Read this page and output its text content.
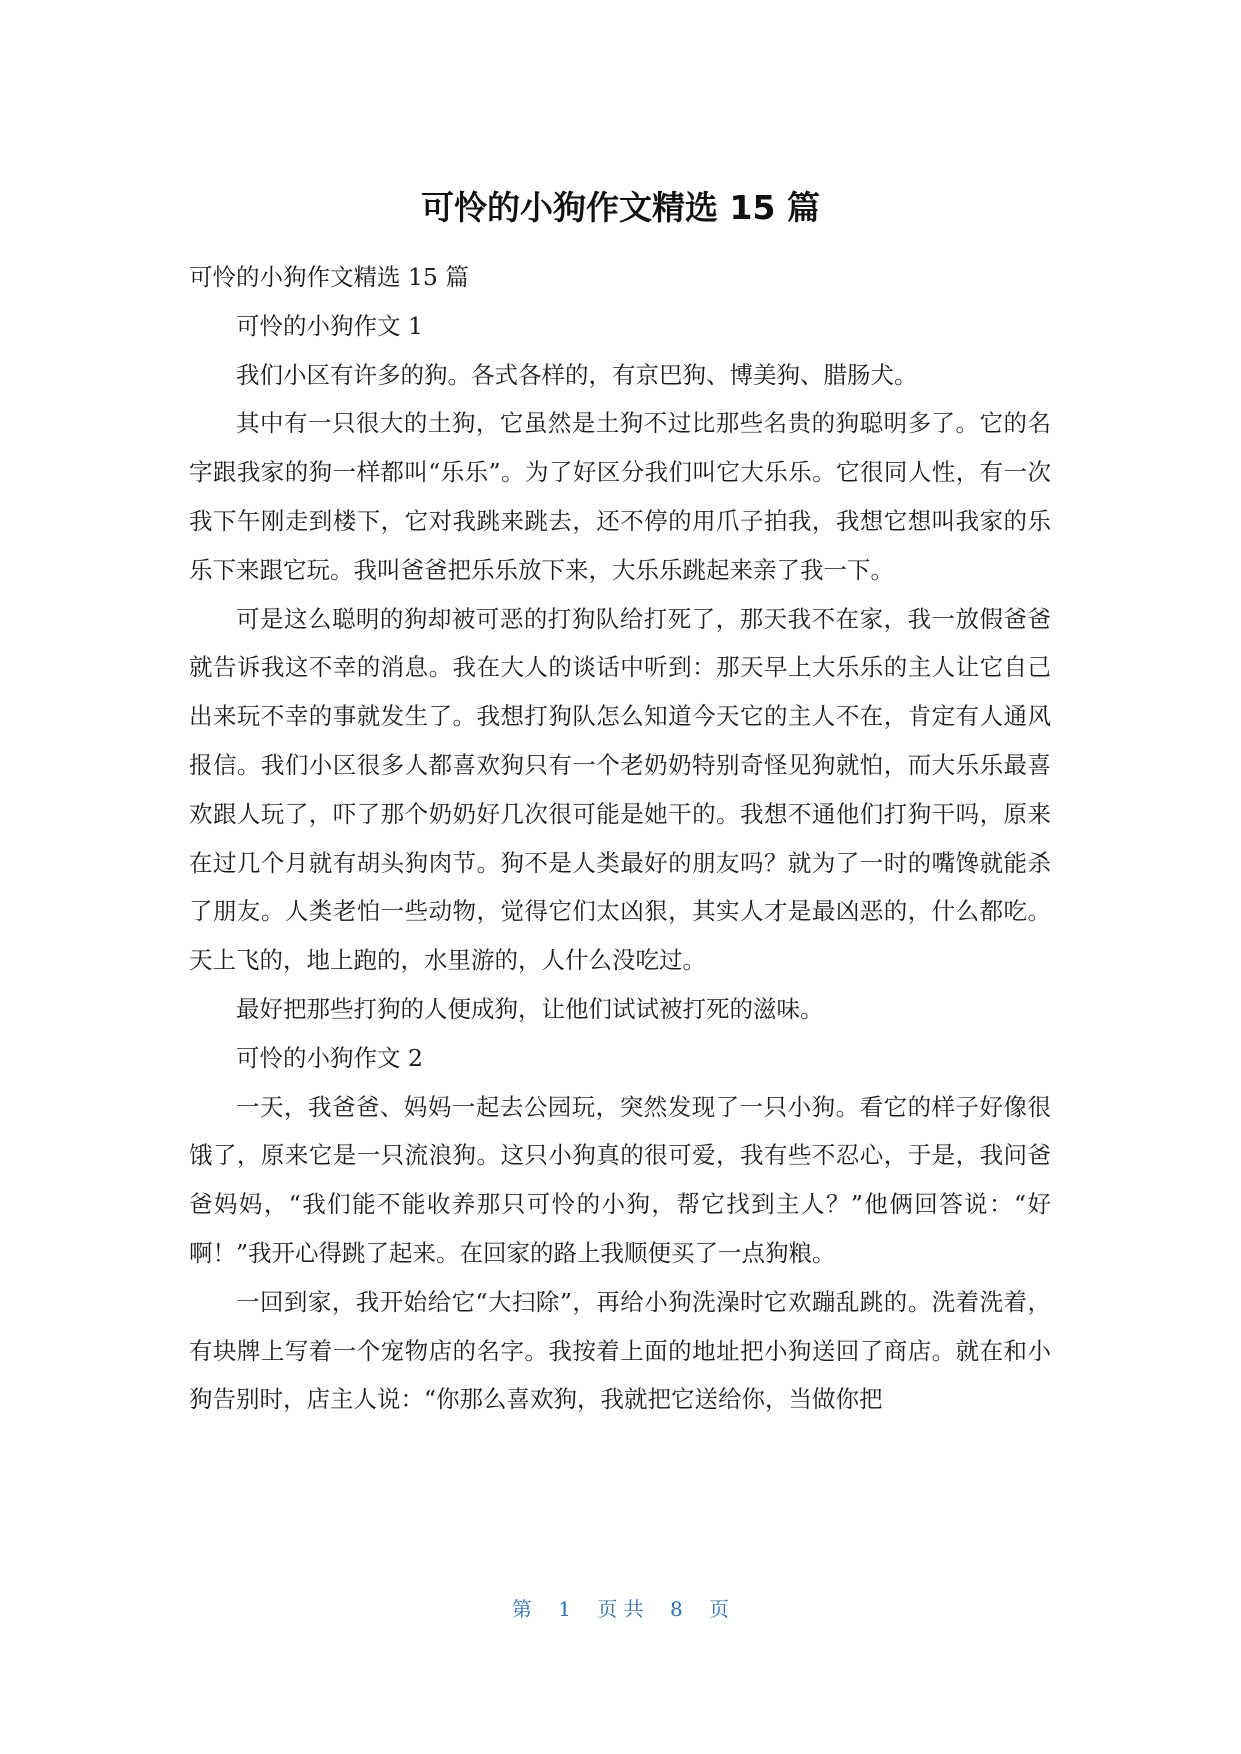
可怜的小狗作文精选 15 篇

可怜的小狗作文精选 15 篇

可怜的小狗作文 1

我们小区有许多的狗。各式各样的，有京巴狗、博美狗、腊肠犬。

其中有一只很大的土狗，它虽然是土狗不过比那些名贵的狗聪明多了。它的名字跟我家的狗一样都叫“乐乐”。为了好区分我们叫它大乐乐。它很同人性，有一次我下午刚走到楼下，它对我跳来跳去，还不停的用爪子拍我，我想它想叫我家的乐乐下来跟它玩。我叫爸爸把乐乐放下来，大乐乐跳起来亲了我一下。

可是这么聪明的狗却被可恶的打狗队给打死了，那天我不在家，我一放假爸爸就告诉我这不幸的消息。我在大人的谈话中听到：那天早上大乐乐的主人让它自己出来玩不幸的事就发生了。我想打狗队怎么知道今天它的主人不在，肯定有人通风报信。我们小区很多人都喜欢狗只有一个老奶奶特别奇怪见狗就怕，而大乐乐最喜欢跟人玩了，吓了那个奶奶好几次很可能是她干的。我想不通他们打狗干吗，原来在过几个月就有胡头狗肉节。狗不是人类最好的朋友吗？就为了一时的嘴馋就能杀了朋友。人类老怕一些动物，觉得它们太凶狠，其实人才是最凶恶的，什么都吃。天上飞的，地上跑的，水里游的，人什么没吃过。

最好把那些打狗的人便成狗，让他们试试被打死的滋味。

可怜的小狗作文 2

一天，我爸爸、妈妈一起去公园玩，突然发现了一只小狗。看它的样子好像很饿了，原来它是一只流浪狗。这只小狗真的很可爱，我有些不忍心，于是，我问爸爸妈妈，“我们能不能收养那只可怜的小狗，帮它找到主人？”他俩回答说：“好啊！”我开心得跳了起来。在回家的路上我顺便买了一点狗粮。

一回到家，我开始给它“大扫除”，再给小狗洗澡时它欢蹦乱跳的。洗着洗着，有块牌上写着一个宠物店的名字。我按着上面的地址把小狗送回了商店。就在和小狗告别时，店主人说：“你那么喜欢狗，我就把它送给你，当做你把

第 1 页 共 8 页
